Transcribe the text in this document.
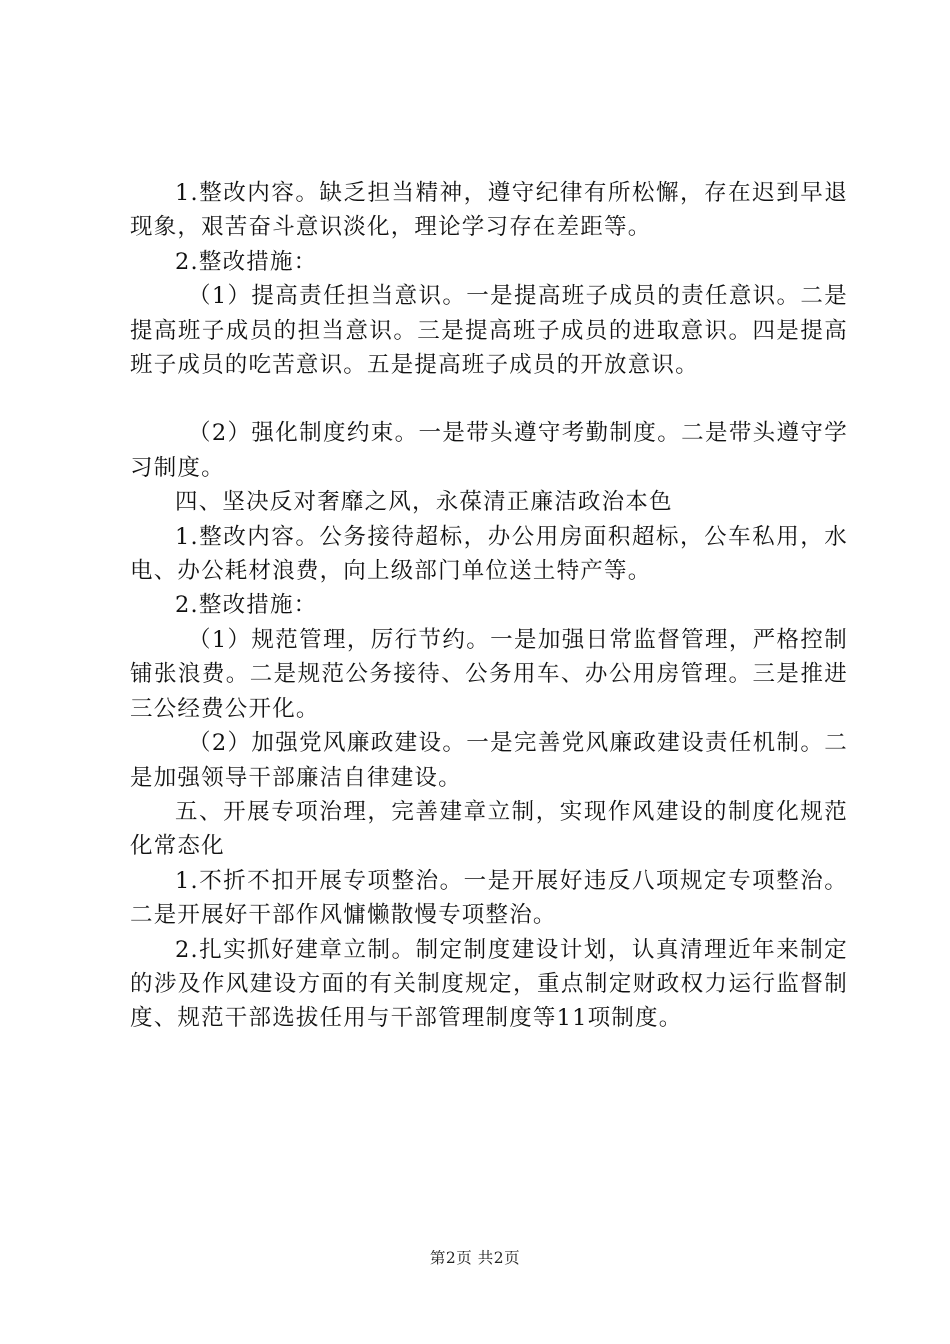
1.整改内容。缺乏担当精神，遵守纪律有所松懈，存在迟到早退现象，艰苦奋斗意识淡化，理论学习存在差距等。

2.整改措施：

（1）提高责任担当意识。一是提高班子成员的责任意识。二是提高班子成员的担当意识。三是提高班子成员的进取意识。四是提高班子成员的吃苦意识。五是提高班子成员的开放意识。

（2）强化制度约束。一是带头遵守考勤制度。二是带头遵守学习制度。

四、坚决反对奢靡之风，永葆清正廉洁政治本色

1.整改内容。公务接待超标，办公用房面积超标，公车私用，水电、办公耗材浪费，向上级部门单位送土特产等。

2.整改措施：

（1）规范管理，厉行节约。一是加强日常监督管理，严格控制铺张浪费。二是规范公务接待、公务用车、办公用房管理。三是推进三公经费公开化。

（2）加强党风廉政建设。一是完善党风廉政建设责任机制。二是加强领导干部廉洁自律建设。

五、开展专项治理，完善建章立制，实现作风建设的制度化规范化常态化

1.不折不扣开展专项整治。一是开展好违反八项规定专项整治。二是开展好干部作风慵懒散慢专项整治。

2.扎实抓好建章立制。制定制度建设计划，认真清理近年来制定的涉及作风建设方面的有关制度规定，重点制定财政权力运行监督制度、规范干部选拔任用与干部管理制度等11项制度。

第2页 共2页
